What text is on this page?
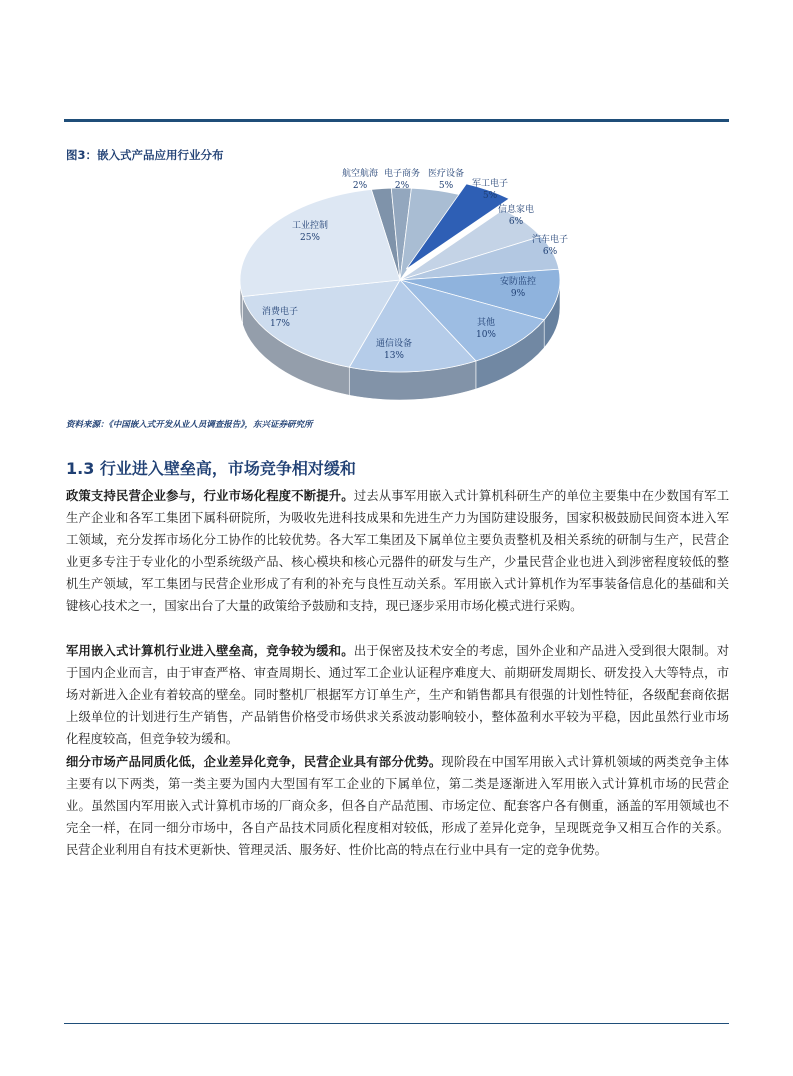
图3：嵌入式产品应用行业分布
航空航海
2%
电子商务
2%
医疗设备
5% 军工电子
5%
信息家电
6%
汽车电子
6%
安防监控
9%
其他
10%
通信设备
13%
消费电子
17%
工业控制
25%
资料来源：《中国嵌入式开发从业人员调查报告》，东兴证券研究所
1.3 行业进入壁垒高，市场竞争相对缓和

政策支持民营企业参与，行业市场化程度不断提升。过去从事军用嵌入式计算机科研生产的单位主要集中在少数国有军工生产企业和各军工集团下属科研院所，为吸收先进科技成果和先进生产力为国防建设服务，国家积极鼓励民间资本进入军工领域，充分发挥市场化分工协作的比较优势。各大军工集团及下属单位主要负责整机及相关系统的研制与生产，民营企业更多专注于专业化的小型系统级产品、核心模块和核心元器件的研发与生产，少量民营企业也进入到涉密程度较低的整机生产领域，军工集团与民营企业形成了有利的补充与良性互动关系。军用嵌入式计算机作为军事装备信息化的基础和关键核心技术之一，国家出台了大量的政策给予鼓励和支持，现已逐步采用市场化模式进行采购。

军用嵌入式计算机行业进入壁垒高，竞争较为缓和。出于保密及技术安全的考虑，国外企业和产品进入受到很大限制。对于国内企业而言，由于审查严格、审查周期长、通过军工企业认证程序难度大、前期研发周期长、研发投入大等特点，市场对新进入企业有着较高的壁垒。同时整机厂根据军方订单生产，生产和销售都具有很强的计划性特征，各级配套商依据上级单位的计划进行生产销售，产品销售价格受市场供求关系波动影响较小，整体盈利水平较为平稳，因此虽然行业市场化程度较高，但竞争较为缓和。

细分市场产品同质化低，企业差异化竞争，民营企业具有部分优势。现阶段在中国军用嵌入式计算机领域的两类竞争主体主要有以下两类，第一类主要为国内大型国有军工企业的下属单位，第二类是逐渐进入军用嵌入式计算机市场的民营企业。虽然国内军用嵌入式计算机市场的厂商众多，但各自产品范围、市场定位、配套客户各有侧重，涵盖的军用领域也不完全一样，在同一细分市场中，各自产品技术同质化程度相对较低，形成了差异化竞争，呈现既竞争又相互合作的关系。民营企业利用自有技术更新快、管理灵活、服务好、性价比高的特点在行业中具有一定的竞争优势。
